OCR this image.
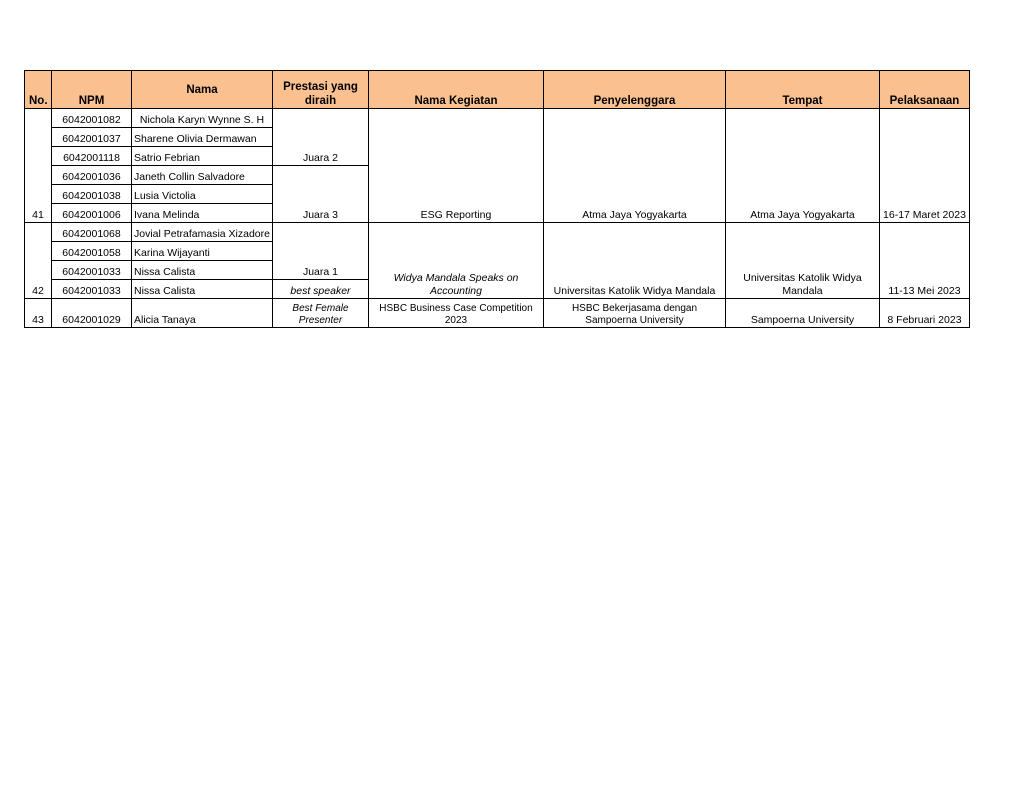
No.	NPM	Nama	Prestasi yang diraih	Nama Kegiatan	Penyelenggara	Tempat	Pelaksanaan
41	6042001082	Nichola Karyn Wynne S. H	Juara 2	ESG Reporting	Atma Jaya Yogyakarta	Atma Jaya Yogyakarta	16-17 Maret 2023
	6042001037	Sharene Olivia Dermawan					
	6042001118	Satrio Febrian					
	6042001036	Janeth Collin Salvadore	Juara 3				
	6042001038	Lusia Victolia					
	6042001006	Ivana Melinda					
42	6042001068	Jovial Petrafamasia Xizadore	Juara 1	Widya Mandala Speaks on Accounting	Universitas Katolik Widya Mandala	Universitas Katolik Widya Mandala	11-13 Mei 2023
	6042001058	Karina Wijayanti					
	6042001033	Nissa Calista					
	6042001033	Nissa Calista	best speaker				
43	6042001029	Alicia Tanaya	Best Female Presenter	HSBC Business Case Competition 2023	HSBC Bekerjasama dengan Sampoerna University	Sampoerna University	8 Februari 2023
